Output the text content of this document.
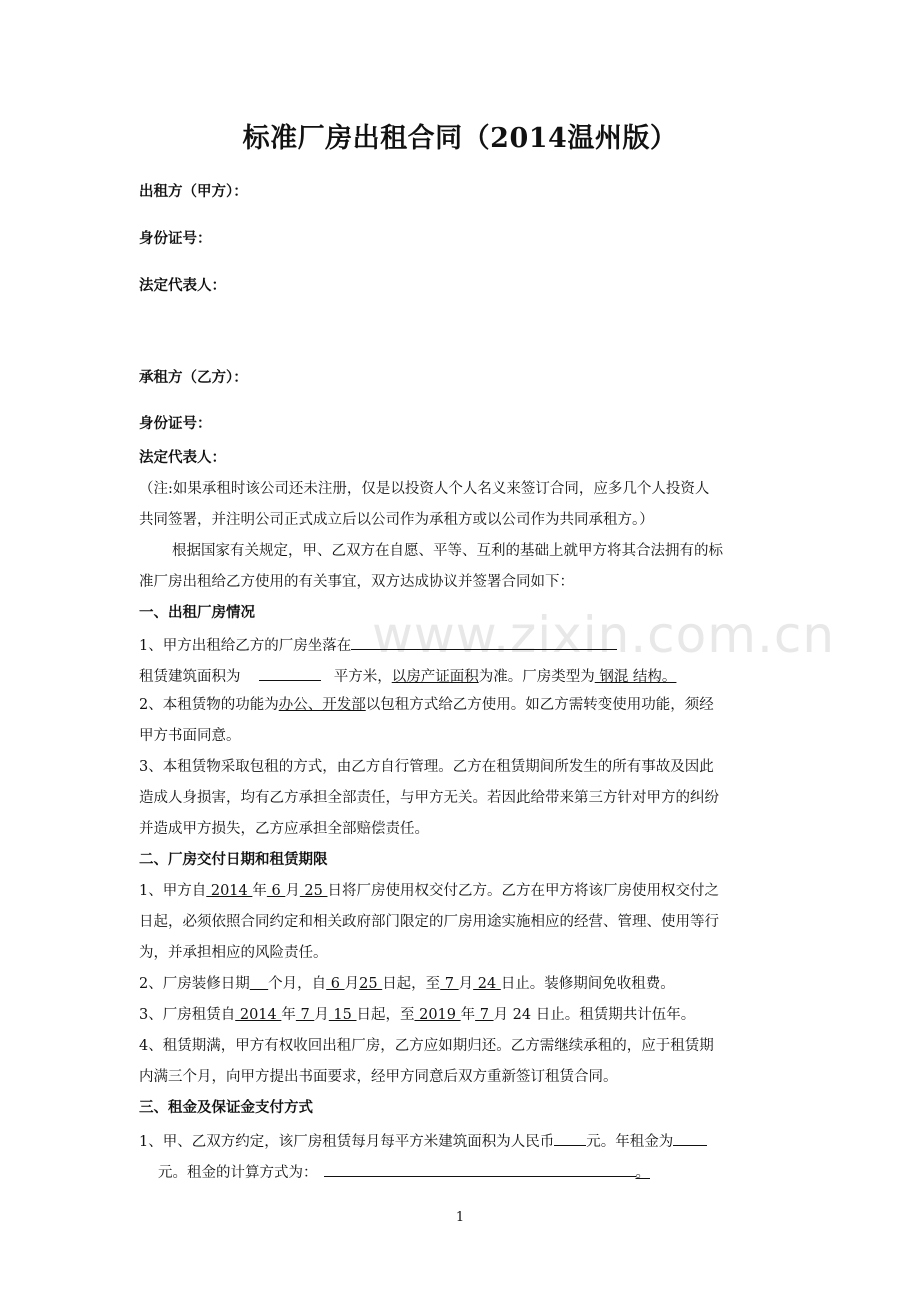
www.zixin.com.cn
标准厂房出租合同（2014温州版）
出租方（甲方）：
身份证号：
法定代表人：
承租方（乙方）：
身份证号：
法定代表人：
（注:如果承租时该公司还未注册，仅是以投资人个人名义来签订合同，应多几个人投资人
共同签署，并注明公司正式成立后以公司作为承租方或以公司作为共同承租方。）
根据国家有关规定，甲、乙双方在自愿、平等、互利的基础上就甲方将其合法拥有的标
准厂房出租给乙方使用的有关事宜，双方达成协议并签署合同如下：
一、出租厂房情况
1、甲方出租给乙方的厂房坐落在
租赁建筑面积为	平方米，以房产证面积为准。厂房类型为 钢混 结构。
2、本租赁物的功能为办公、开发部以包租方式给乙方使用。如乙方需转变使用功能，须经
甲方书面同意。
3、本租赁物采取包租的方式，由乙方自行管理。乙方在租赁期间所发生的所有事故及因此
造成人身损害，均有乙方承担全部责任，与甲方无关。若因此给带来第三方针对甲方的纠纷
并造成甲方损失，乙方应承担全部赔偿责任。
二、厂房交付日期和租赁期限
1、甲方自 2014 年 6 月 25 日将厂房使用权交付乙方。乙方在甲方将该厂房使用权交付之
日起，必须依照合同约定和相关政府部门限定的厂房用途实施相应的经营、管理、使用等行
为，并承担相应的风险责任。
2、厂房装修日期 个月，自 6 月25 日起，至 7 月 24 日止。装修期间免收租费。
3、厂房租赁自 2014 年 7 月 15 日起，至 2019 年 7 月 24 日止。租赁期共计伍年。
4、租赁期满，甲方有权收回出租厂房，乙方应如期归还。乙方需继续承租的，应于租赁期
内满三个月，向甲方提出书面要求，经甲方同意后双方重新签订租赁合同。
三、租金及保证金支付方式
1、甲、乙双方约定，该厂房租赁每月每平方米建筑面积为人民币 元。年租金为
元。租金的计算方式为：	。
1
